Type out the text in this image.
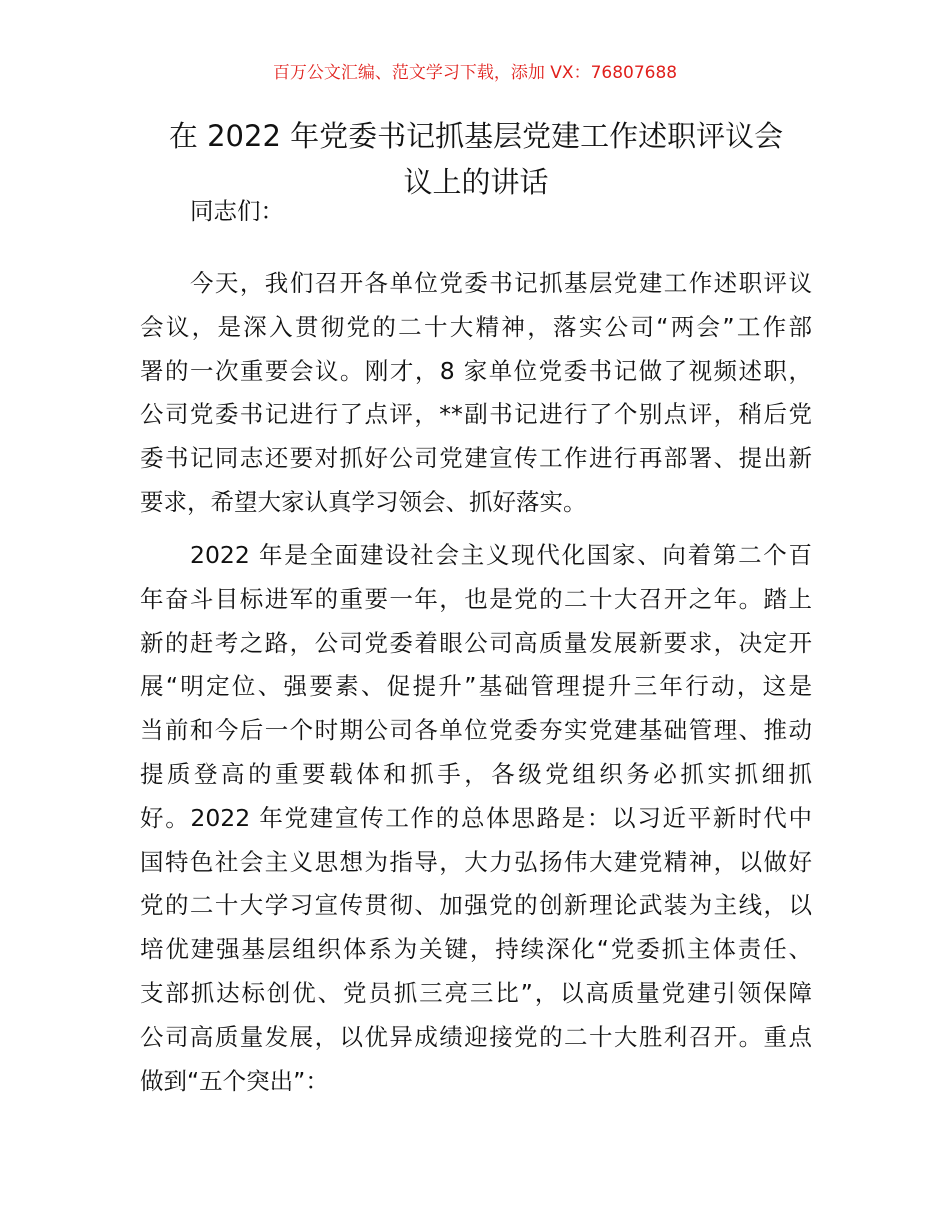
百万公文汇编、范文学习下载，添加 VX：76807688
在 2022 年党委书记抓基层党建工作述职评议会
议上的讲话
同志们：
今天，我们召开各单位党委书记抓基层党建工作述职评议
会议，是深入贯彻党的二十大精神，落实公司“两会”工作部
署的一次重要会议。刚才，8 家单位党委书记做了视频述职，
公司党委书记进行了点评，**副书记进行了个别点评，稍后党
委书记同志还要对抓好公司党建宣传工作进行再部署、提出新
要求，希望大家认真学习领会、抓好落实。
2022 年是全面建设社会主义现代化国家、向着第二个百
年奋斗目标进军的重要一年，也是党的二十大召开之年。踏上
新的赶考之路，公司党委着眼公司高质量发展新要求，决定开
展“明定位、强要素、促提升”基础管理提升三年行动，这是
当前和今后一个时期公司各单位党委夯实党建基础管理、推动
提质登高的重要载体和抓手，各级党组织务必抓实抓细抓
好。2022 年党建宣传工作的总体思路是：以习近平新时代中
国特色社会主义思想为指导，大力弘扬伟大建党精神，以做好
党的二十大学习宣传贯彻、加强党的创新理论武装为主线，以
培优建强基层组织体系为关键，持续深化“党委抓主体责任、
支部抓达标创优、党员抓三亮三比”，以高质量党建引领保障
公司高质量发展，以优异成绩迎接党的二十大胜利召开。重点
做到“五个突出”：
